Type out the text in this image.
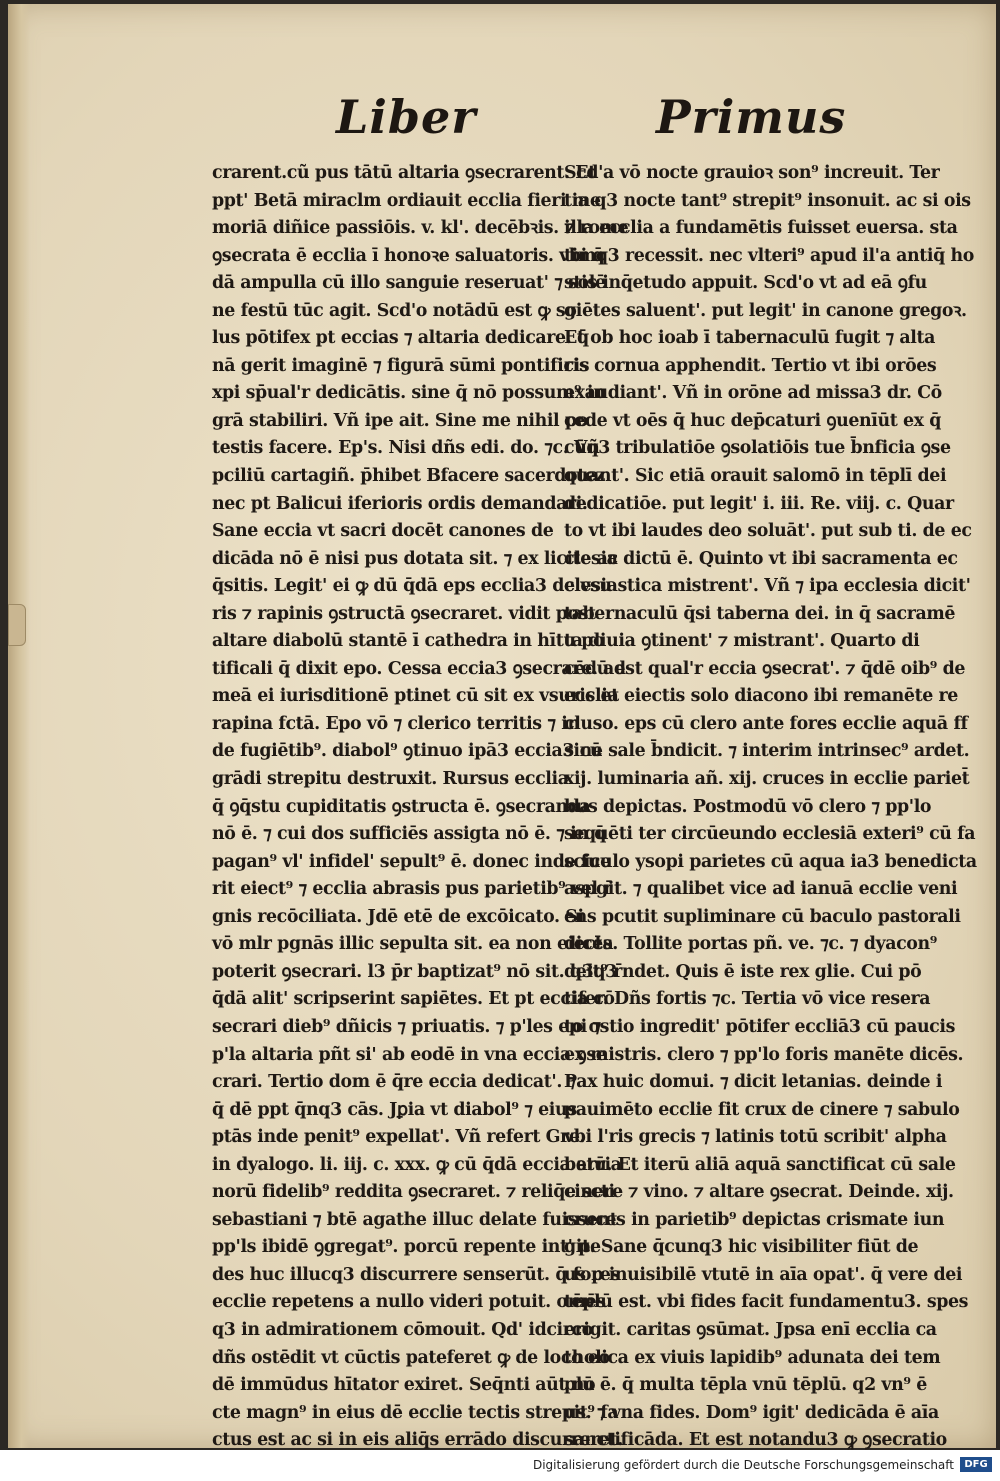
Liber	Primus
crarent.cũ pus tātū altaria ꝯsecrarent. Et
ppt' Betā miraclm ordiauit ecclia fieri me
moriā diñice passiōis. v. kl'. decēbꝛis. ⁊ rome
ꝯsecrata ē ecclia ī honoꝛe saluatoris. vbi q̄
dā ampulla cū illo sanguie reseruat' ⁊ solē
ne festū tūc agit. Scd'o notādū est ꝙ so
lus pōtifex pt eccias ⁊ altaria dedicare. q̄
nā gerit imaginē ⁊ figurā sūmi pontificis
xpi sp̄ual'r dedicātis. sine q̄ nō possum⁹ in
grā stabiliri. Vñ ipe ait. Sine me nihil po
testis facere. Ep's. Nisi dñs edi. do. ⁊c. Vñ
pciliū cartagiñ. p̄hibet Bfacere sacerdotez
nec pt Balicui iferioris ordis demandari.
Sane eccia vt sacri docēt canones de
dicāda nō ē nisi pus dotata sit. ⁊ ex licite ac
q̄sitis. Legit' ei ꝙ dū q̄dā eps ecclia3 de vsu
ris ⁊ rapinis ꝯstructā ꝯsecraret. vidit post
altare diabolū stantē ī cathedra in hītu po
tificali q̄ dixit epo. Cessa eccia3 ꝯsecrare. ad
meā ei iurisditionē ptinet cū sit ex vsuris et
rapina fctā. Epo vō ⁊ clerico territis ⁊ in
de fugiētib⁹. diabol⁹ ꝯtinuo ipā3 eccia3 cū
grādi strepitu destruxit. Rursus ecclia
q̄ ꝯq̄stu cupiditatis ꝯstructa ē. ꝯsecranda
nō ē. ⁊ cui dos sufficiēs assigta nō ē. ⁊ in q̄
pagan⁹ vl' infidel' sepult⁹ ē. donec inde fue
rit eiect⁹ ⁊ ecclia abrasis pus parietib⁹ vel r̄
gnis recōciliata. Jdē etē de excōicato. Si
vō mlr pgnās illic sepulta sit. ea non eiecta
poterit ꝯsecrari. l3 p̄r baptizat⁹ nō sit. q3q3
q̄dā alit' scripserint sapiētes. Et pt eccia cō
secrari dieb⁹ dñicis ⁊ priuatis. ⁊ p'les epi ⁊
p'la altaria pñt si' ab eodē in vna eccia ꝯse
crari. Tertio dom ē q̄re eccia dedicat'. ⁊
q̄ dē ppt q̄nq3 cās. Jꝑia vt diabol⁹ ⁊ eius
ptās inde penit⁹ expellat'. Vñ refert Gre.
in dyalogo. li. iij. c. xxx. ꝙ cū q̄dā eccia arria
norū fidelib⁹ reddita ꝯsecraret. ⁊ reliq̄e scti
sebastiani ⁊ btē agathe illuc delate fuissent
pp'ls ibidē ꝯgregat⁹. porcū repente int' pe
des huc illucq3 discurrere senserūt. q̄ fores
ecclie repetens a nullo videri potuit. omēs
q3 in admirationem cōmouit. Qd' idcirco
dñs ostēdit vt cūctis pateferet ꝙ de loco eo
dē immūdus hītator exiret. Seq̄nti aūt no
cte magn⁹ in eius dē ecclie tectis strepit⁹ fa
ctus est ac si in eis aliq̄s errādo discurreret.
Scd'a vō nocte grauioꝛ son⁹ increuit. Ter
tia q3 nocte tant⁹ strepit⁹ insonuit. ac si ois
illa ecclia a fundamētis fuisset euersa. sta
timq3 recessit. nec vlteri⁹ apud il'a antiq̄ ho
stis inq̄etudo appuit. Scd'o vt ad eā ꝯfu
giētes saluent'. put legit' in canone gregoꝛ.
Et ob hoc ioab ī tabernaculū fugit ⁊ alta
ris cornua apphendit. Tertio vt ibi orōes
exaudiant'. Vñ in orōne ad missa3 dr. Cō
cede vt oēs q̄ huc dep̄caturi ꝯuenīūt ex q̄
cūq3 tribulatiōe ꝯsolatiōis tue b̄nficia ꝯse
quant'. Sic etiā orauit salomō in tēplī dei
dedicatiōe. put legit' i. iii. Re. viij. c. Quar
to vt ibi laudes deo soluāt'. put sub ti. de ec
clesia dictū ē. Quinto vt ibi sacramenta ec
clesiastica mistrent'. Vñ ⁊ ipa ecclesia dicit'
tabernaculū q̄si taberna dei. in q̄ sacramē
ta diuia ꝯtinent' ⁊ mistrant'. Quarto di
cēdū est qual'r eccia ꝯsecrat'. ⁊ q̄dē oib⁹ de
ecclia eiectis solo diacono ibi remanēte re
cluso. eps cū clero ante fores ecclie aquā ff
sine sale b̄ndicit. ⁊ interim intrinsec⁹ ardet.
xij. luminaria añ. xij. cruces in ecclie pariet̄
bus depictas. Postmodū vō clero ⁊ pp'lo
sequēti ter circūeundo ecclesiā exteri⁹ cū fa
sciculo ysopi parietes cū aqua ia3 benedicta
aspgit. ⁊ qualibet vice ad ianuā ecclie veni
ens pcutit supliminare cū baculo pastorali
dicēs. Tollite portas pñ. ve. ⁊c. ⁊ dyacon⁹
deīt⁹ r̄ndet. Quis ē iste rex glie. Cui pō
tifer. Dñs fortis ⁊c. Tertia vō vice resera
to ostio ingredit' pōtifer eccliā3 cū paucis
ex mistris. clero ⁊ pp'lo foris manēte dicēs.
Pax huic domui. ⁊ dicit letanias. deinde i
pauimēto ecclie fit crux de cinere ⁊ sabulo
vbi l'ris grecis ⁊ latinis totū scribit' alpha
betū. Et iterū aliā aquā sanctificat cū sale
cinere ⁊ vino. ⁊ altare ꝯsecrat. Deinde. xij.
cruces in parietib⁹ depictas crismate iun
git. Sane q̄cunq3 hic visibiliter fiūt de
us p inuisibilē vtutē in aīa opat'. q̄ vere dei
tēplū est. vbi fides facit fundamentu3. spes
erigit. caritas ꝯsūmat. Jpsa enī ecclia ca
tholica ex viuis lapidib⁹ adunata dei tem
plū ē. q̄ multa tēpla vnū tēplū. q2 vn⁹ ē
us. ⁊ vna fides. Dom⁹ igit' dedicāda ē aīa
sanctificāda. Et est notandu3 ꝙ ꝯsecratio
Digitalisierung gefördert durch die Deutsche Forschungsgemeinschaft	DFG
